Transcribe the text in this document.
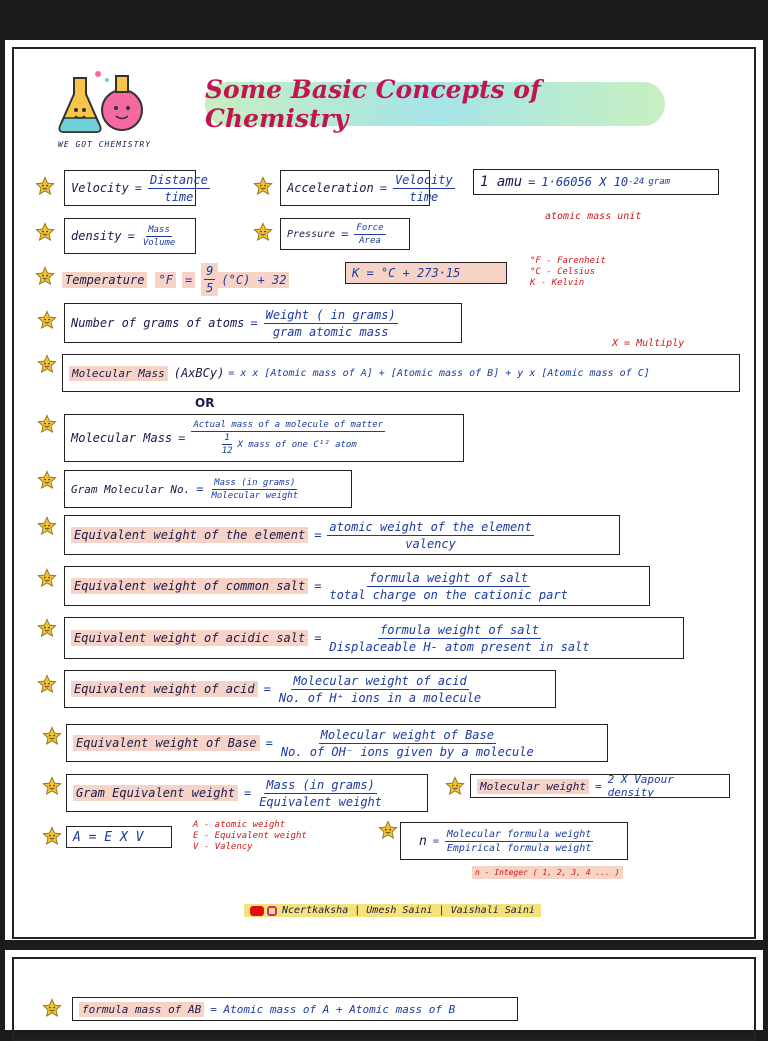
WE GOT CHEMISTRY
Some Basic Concepts of Chemistry
Velocity = $\frac{\text{Distance}}{\text{time}}$	Acceleration = $\frac{\text{Velocity}}{\text{time}} 1$ amu = 1·66056 X 10 -24 gram
atomic mass unit
density = $\frac{\text{Mass}}{\text{Volume}}$	Pressure = $\frac{\text{Force}}{\text{Area}}$
Temperature $^\circ F = \frac{9}{5} (^\circ C) + 32$	K = °C + 273·15
°F - Farenheit
°C - Celsius
K - Kelvin
Number of grams of atoms = $\frac{\text{Weight ( in grams)}}{\text{gram atomic mass}}$
X = Multiply
Molecular Mass (AxBCy) = x x [Atomic mass of A] + [Atomic mass of B] + y x [Atomic mass of C]
OR
Molecular Mass = $\frac{\text{Actual mass of a molecule of matter}}{\frac{1}{12} X mass of one C^{12} atom}$
Gram Molecular No. = $\frac{\text{Mass (in grams)}}{\text{Molecular weight}}$
Equivalent weight of the element = $\frac{\text{atomic weight of the element}}{\text{valency}}$
Equivalent weight of common salt = $\frac{\text{formula weight of salt}}{\text{total charge on the cationic part}}$
Equivalent weight of acidic salt = $\frac{\text{formula weight of salt}}{\text{Displaceable H- atom present in salt}}$
Equivalent weight of acid = $\frac{\text{Molecular weight of acid}}{\text{No. of H⁺ ions in a molecule}}$
Equivalent weight of Base = $\frac{\text{Molecular weight of Base}}{\text{No. of OH⁻ ions given by a molecule}}$
Gram Equivalent weight = $\frac{\text{Mass (in grams)}}{\text{Equivalent weight}}$	Molecular weight = 2 X Vapour density
A = E X V
A - atomic weight
E - Equivalent weight
V - Valency	$n = \frac{\text{Molecular formula weight}}{\text{Empirical formula weight}}$
n - Integer ( 1, 2, 3, 4 ... )
Ncertkaksha | Umesh Saini | Vaishali Saini
formula mass of AB = Atomic mass of A + Atomic mass of B
